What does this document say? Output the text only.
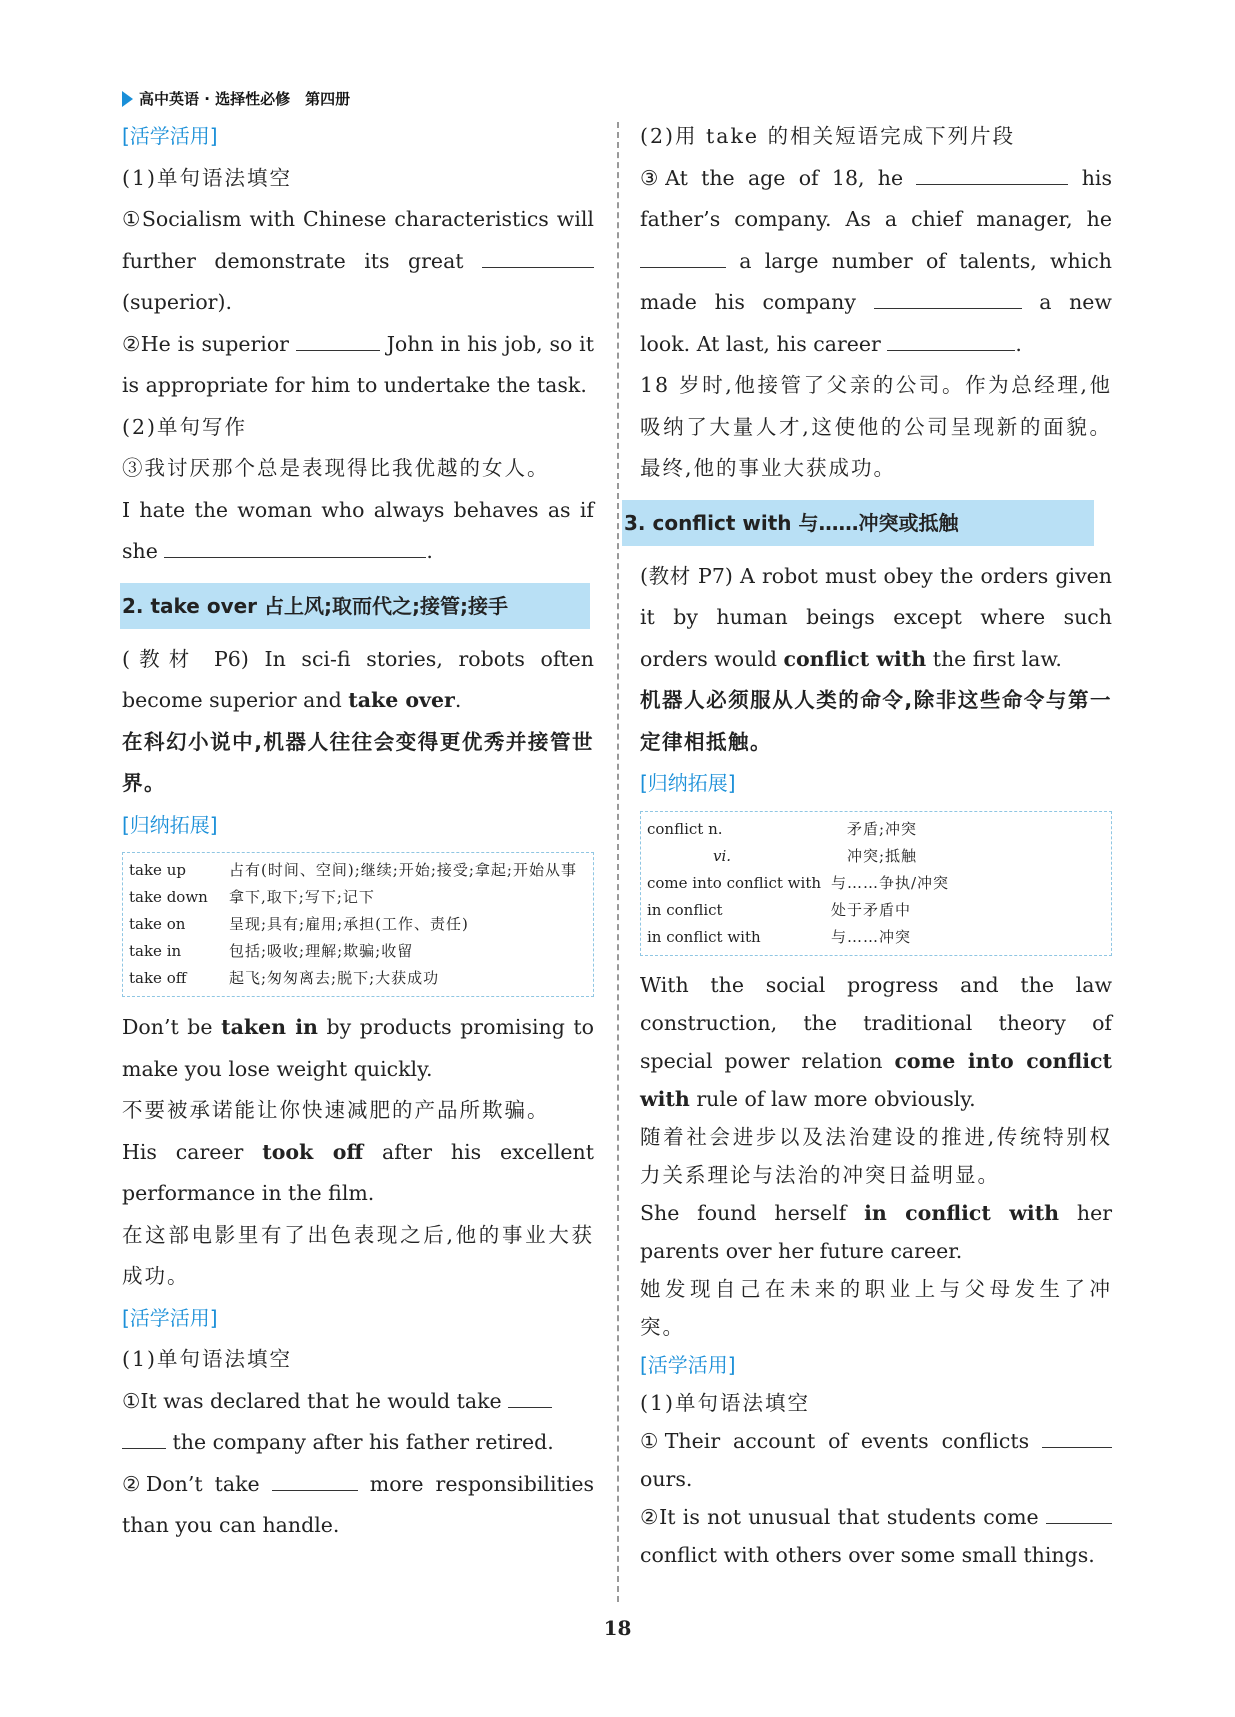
高中英语 · 选择性必修　第四册

[活学活用]

(1)单句语法填空

①Socialism with Chinese characteristics will further demonstrate its great  (superior).

②He is superior	John in his job, so it is appropriate for him to undertake the task.

(2)单句写作

③我讨厌那个总是表现得比我优越的女人。

I hate the woman who always behaves as if she	.

2. take over 占上风;取而代之;接管;接手

(教材 P6) In sci-fi stories, robots often become superior and take over.

在科幻小说中,机器人往往会变得更优秀并接管世界。

[归纳拓展]

take up	占有(时间、空间);继续;开始;接受;拿起;开始从事
take down	拿下,取下;写下;记下
take on	呈现;具有;雇用;承担(工作、责任)
take in	包括;吸收;理解;欺骗;收留
take off	起飞;匆匆离去;脱下;大获成功

Don’t be taken in by products promising to make you lose weight quickly.

不要被承诺能让你快速减肥的产品所欺骗。

His career took off after his excellent performance in the film.

在这部电影里有了出色表现之后,他的事业大获成功。

[活学活用]

(1)单句语法填空

①It was declared that he would take
the company after his father retired.

②Don’t take	more responsibilities than you can handle.

(2)用 take 的相关短语完成下列片段

③At the age of 18, he	his father’s company. As a chief manager, he  a large number of talents, which made his company	a new look. At last, his career	.

18 岁时,他接管了父亲的公司。作为总经理,他吸纳了大量人才,这使他的公司呈现新的面貌。最终,他的事业大获成功。

3. conflict with 与……冲突或抵触

(教材 P7) A robot must obey the orders given it by human beings except where such orders would conflict with the first law.

机器人必须服从人类的命令,除非这些命令与第一定律相抵触。

[归纳拓展]

conflict n.	矛盾;冲突
vi.	冲突;抵触
come into conflict with 与……争执/冲突
in conflict	处于矛盾中
in conflict with	与……冲突

With the social progress and the law construction, the traditional theory of special power relation come into conflict with rule of law more obviously.

随着社会进步以及法治建设的推进,传统特别权力关系理论与法治的冲突日益明显。

She found herself in conflict with her parents over her future career.

她发现自己在未来的职业上与父母发生了冲突。

[活学活用]

(1)单句语法填空

①Their account of events conflicts  ours.

②It is not unusual that students come  conflict with others over some small things.

18
